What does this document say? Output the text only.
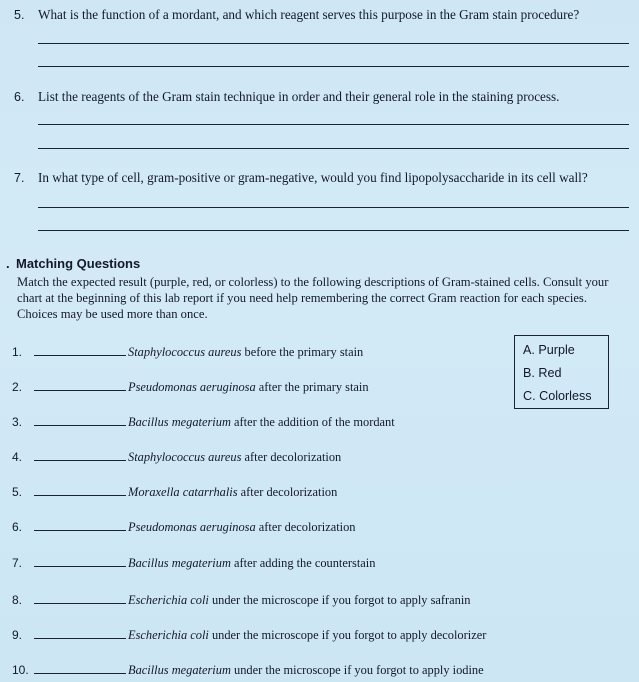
5. What is the function of a mordant, and which reagent serves this purpose in the Gram stain procedure?
6. List the reagents of the Gram stain technique in order and their general role in the staining process.
7. In what type of cell, gram-positive or gram-negative, would you find lipopolysaccharide in its cell wall?
. Matching Questions
Match the expected result (purple, red, or colorless) to the following descriptions of Gram-stained cells. Consult your chart at the beginning of this lab report if you need help remembering the correct Gram reaction for each species. Choices may be used more than once.
A. Purple
B. Red
C. Colorless
1.	Staphylococcus aureus before the primary stain
2.	Pseudomonas aeruginosa after the primary stain
3.	Bacillus megaterium after the addition of the mordant
4.	Staphylococcus aureus after decolorization
5.	Moraxella catarrhalis after decolorization
6.	Pseudomonas aeruginosa after decolorization
7.	Bacillus megaterium after adding the counterstain
8.	Escherichia coli under the microscope if you forgot to apply safranin
9.	Escherichia coli under the microscope if you forgot to apply decolorizer
10.	Bacillus megaterium under the microscope if you forgot to apply iodine
